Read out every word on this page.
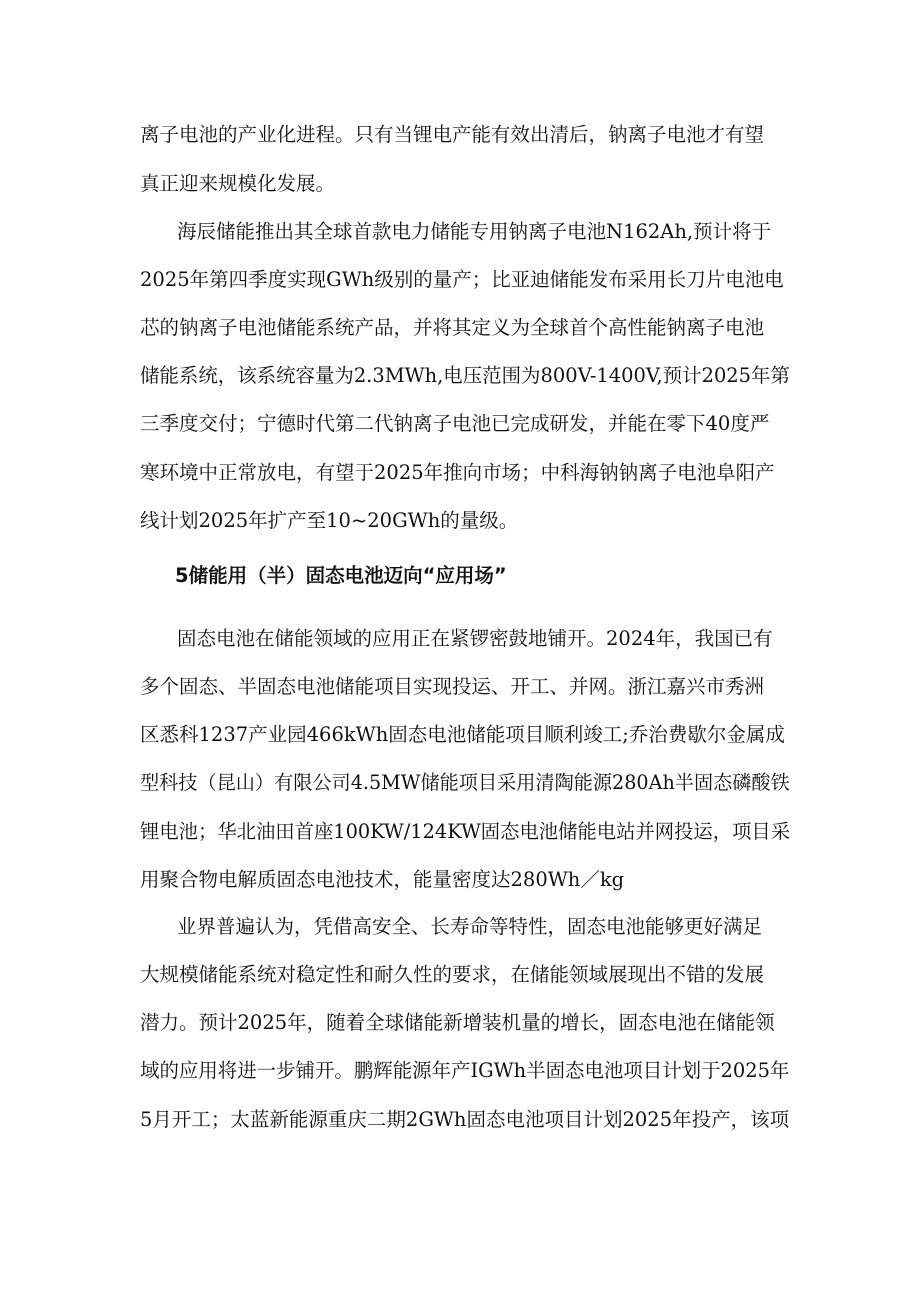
离子电池的产业化进程。只有当锂电产能有效出清后，钠离子电池才有望
真正迎来规模化发展。
海辰储能推出其全球首款电力储能专用钠离子电池N162Ah,预计将于
2025年第四季度实现GWh级别的量产；比亚迪储能发布采用长刀片电池电
芯的钠离子电池储能系统产品，并将其定义为全球首个高性能钠离子电池
储能系统，该系统容量为2.3MWh,电压范围为800V-1400V,预计2025年第
三季度交付；宁德时代第二代钠离子电池已完成研发，并能在零下40度严
寒环境中正常放电，有望于2025年推向市场；中科海钠钠离子电池阜阳产
线计划2025年扩产至10~20GWh的量级。
5储能用（半）固态电池迈向“应用场”
固态电池在储能领域的应用正在紧锣密鼓地铺开。2024年，我国已有
多个固态、半固态电池储能项目实现投运、开工、并网。浙江嘉兴市秀洲
区悉科1237产业园466kWh固态电池储能项目顺利竣工;乔治费歇尔金属成
型科技（昆山）有限公司4.5MW储能项目采用清陶能源280Ah半固态磷酸铁
锂电池；华北油田首座100KW/124KW固态电池储能电站并网投运，项目采
用聚合物电解质固态电池技术，能量密度达280Wh／kg
业界普遍认为，凭借高安全、长寿命等特性，固态电池能够更好满足
大规模储能系统对稳定性和耐久性的要求，在储能领域展现出不错的发展
潜力。预计2025年，随着全球储能新增装机量的增长，固态电池在储能领
域的应用将进一步铺开。鹏辉能源年产IGWh半固态电池项目计划于2025年
5月开工；太蓝新能源重庆二期2GWh固态电池项目计划2025年投产，该项
